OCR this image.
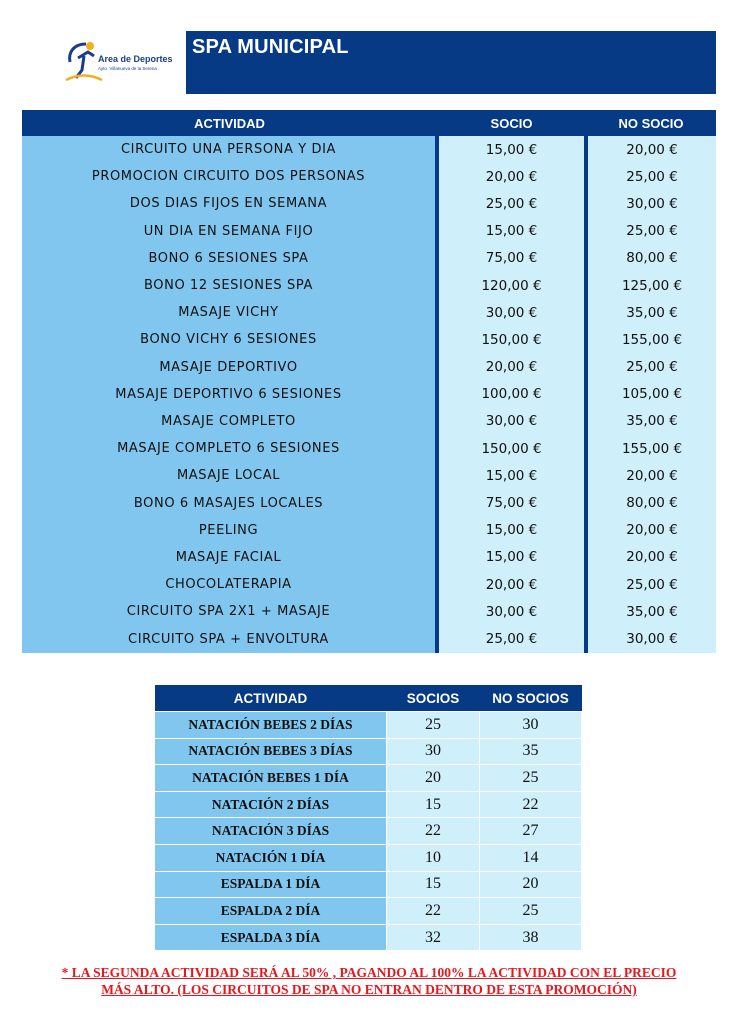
Area de Deportes
Ayto. Villanueva de la Serena
SPA MUNICIPAL
ACTIVIDAD	SOCIO	NO SOCIO
CIRCUITO UNA PERSONA Y DIA	15,00 €	20,00 €
PROMOCION CIRCUITO DOS PERSONAS	20,00 €	25,00 €
DOS DIAS FIJOS EN SEMANA	25,00 €	30,00 €
UN DIA EN SEMANA FIJO	15,00 €	25,00 €
BONO 6 SESIONES SPA	75,00 €	80,00 €
BONO 12 SESIONES SPA	120,00 €	125,00 €
MASAJE VICHY	30,00 €	35,00 €
BONO VICHY 6 SESIONES	150,00 €	155,00 €
MASAJE DEPORTIVO	20,00 €	25,00 €
MASAJE DEPORTIVO 6 SESIONES	100,00 €	105,00 €
MASAJE COMPLETO	30,00 €	35,00 €
MASAJE COMPLETO 6 SESIONES	150,00 €	155,00 €
MASAJE LOCAL	15,00 €	20,00 €
BONO 6 MASAJES LOCALES	75,00 €	80,00 €
PEELING	15,00 €	20,00 €
MASAJE FACIAL	15,00 €	20,00 €
CHOCOLATERAPIA	20,00 €	25,00 €
CIRCUITO SPA 2X1 + MASAJE	30,00 €	35,00 €
CIRCUITO SPA + ENVOLTURA	25,00 €	30,00 €
ACTIVIDAD	SOCIOS	NO SOCIOS
NATACIÓN BEBES 2 DÍAS	25	30
NATACIÓN BEBES 3 DÍAS	30	35
NATACIÓN BEBES 1 DÍA	20	25
NATACIÓN 2 DÍAS	15	22
NATACIÓN 3 DÍAS	22	27
NATACIÓN 1 DÍA	10	14
ESPALDA 1 DÍA	15	20
ESPALDA 2 DÍA	22	25
ESPALDA 3 DÍA	32	38
* LA SEGUNDA ACTIVIDAD SERÁ AL 50% , PAGANDO AL 100% LA ACTIVIDAD CON EL PRECIO
MÁS ALTO. (LOS CIRCUITOS DE SPA NO ENTRAN DENTRO DE ESTA PROMOCIÓN)
